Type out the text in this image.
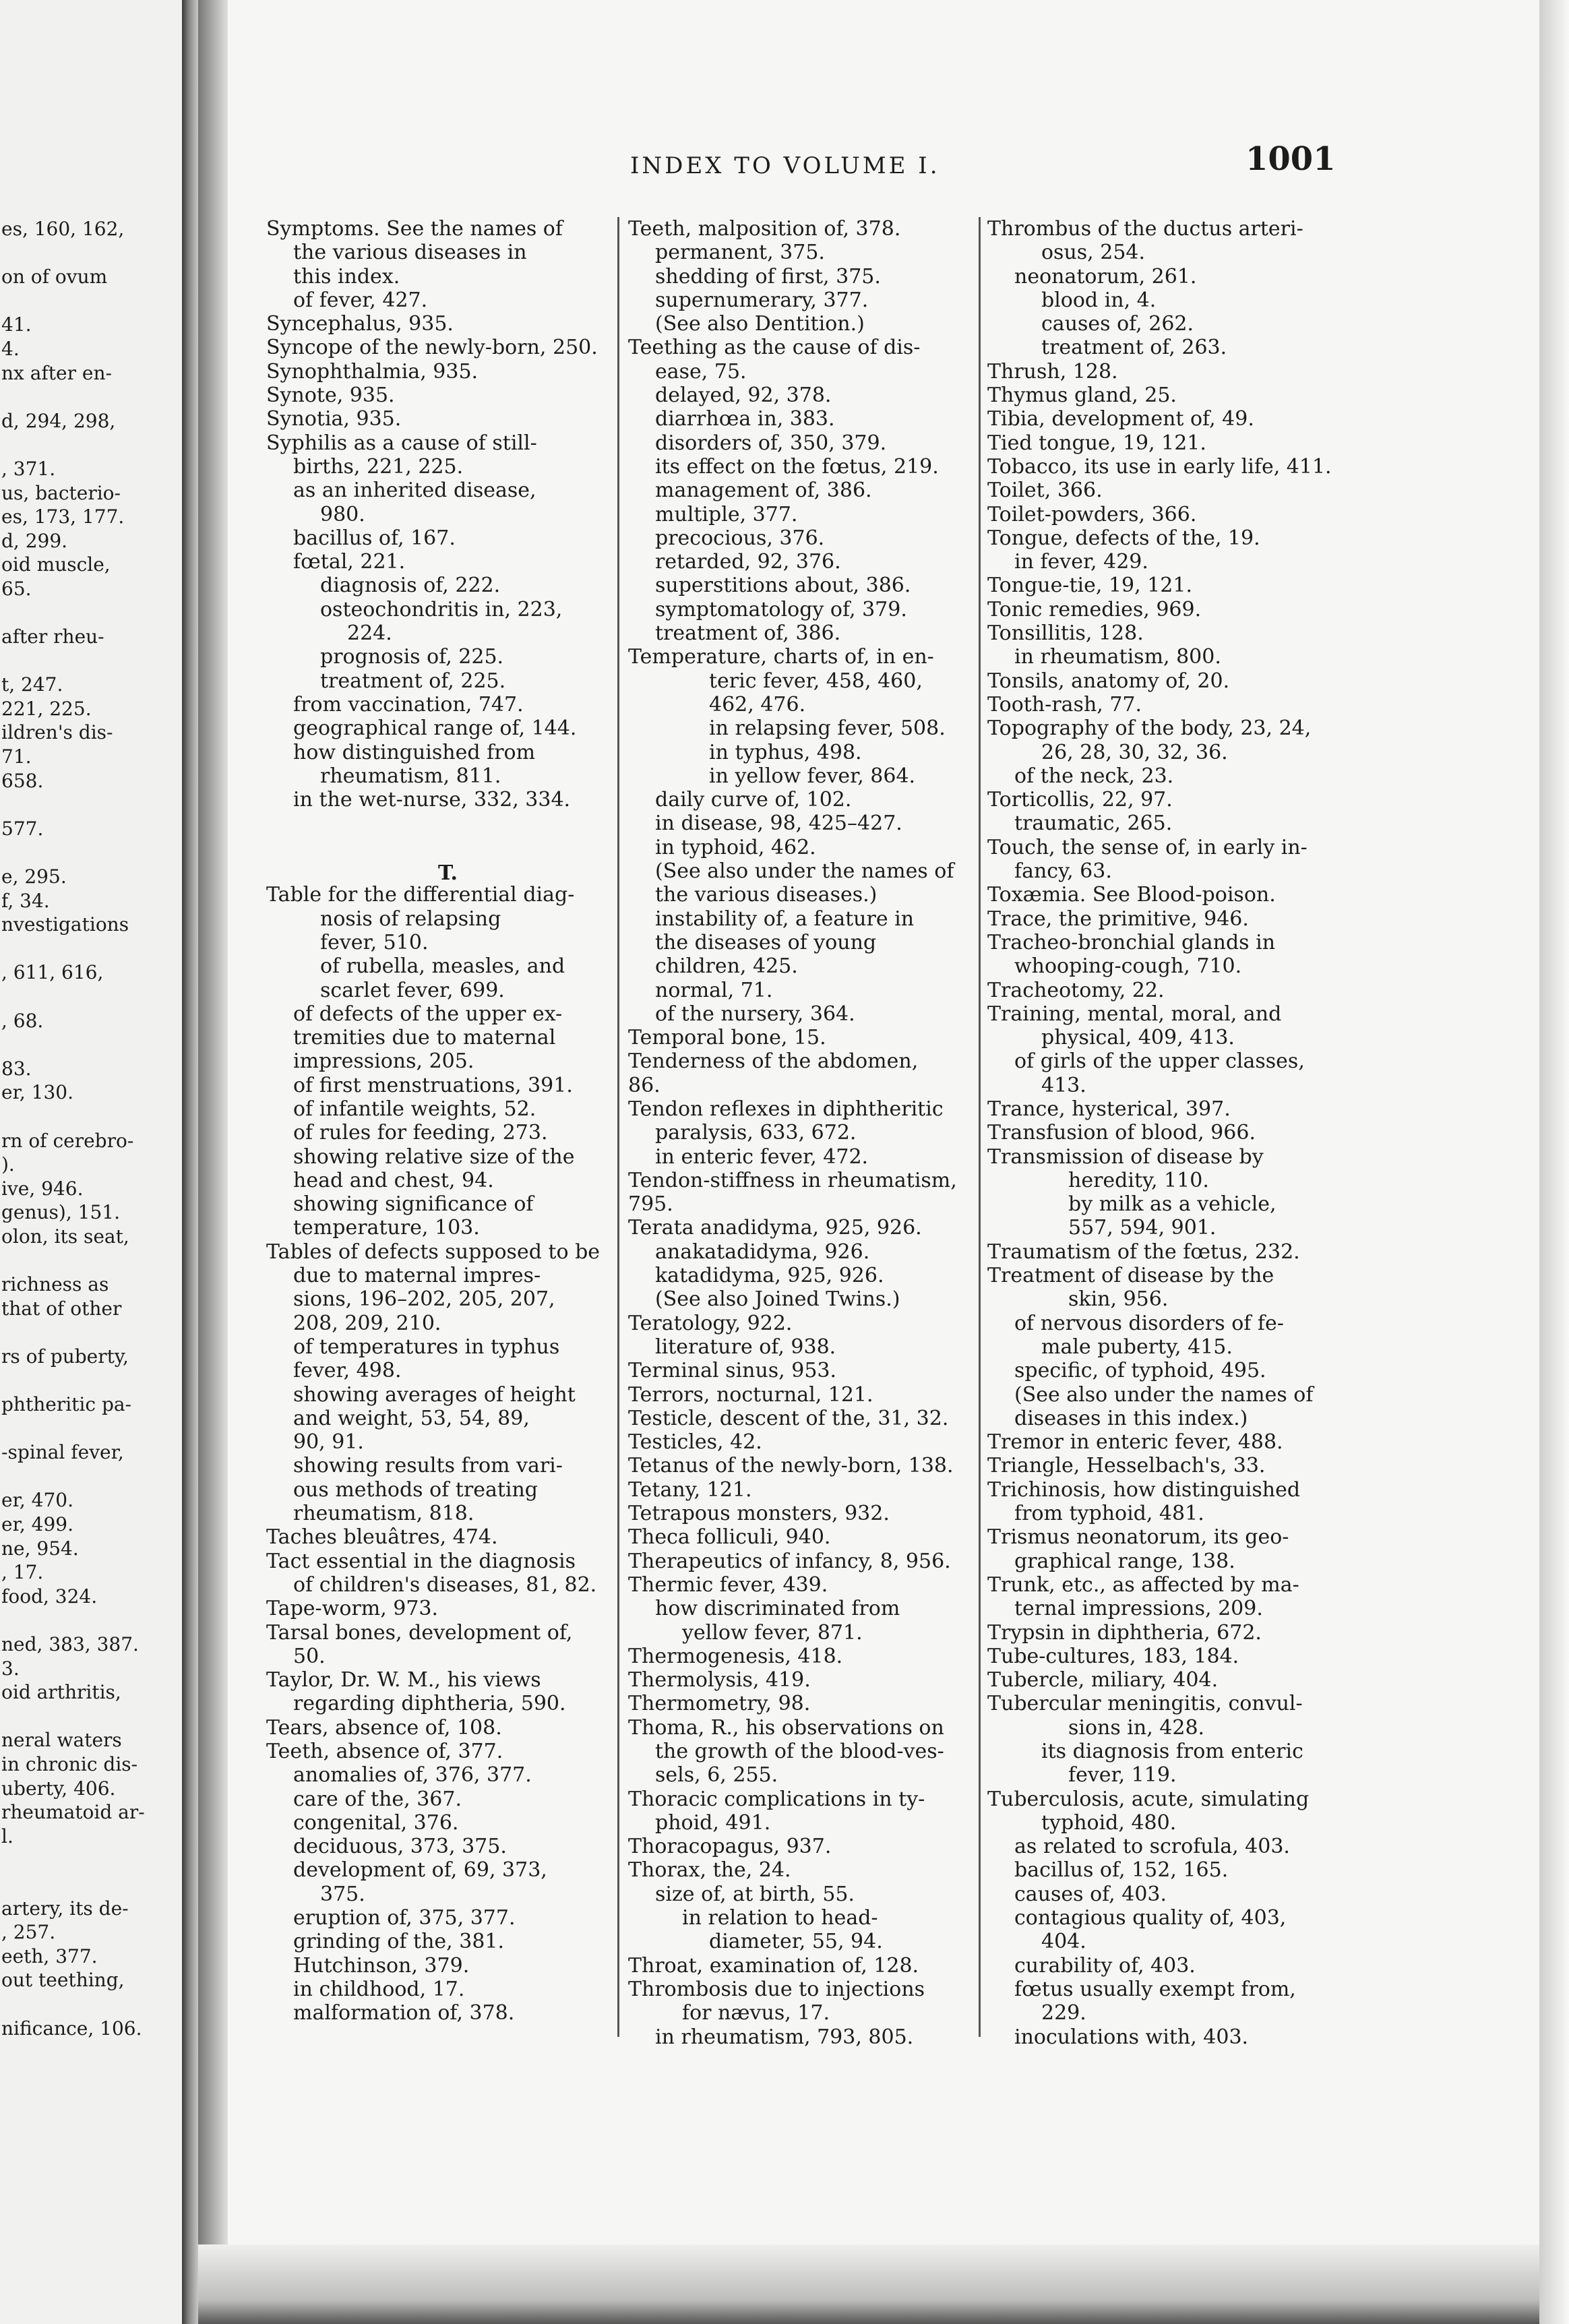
es, 160, 162,

on of ovum

41.
4.
nx after en-

d, 294, 298,

, 371.
us, bacterio-
es, 173, 177.
d, 299.
oid muscle,
65.

after rheu-

t, 247.
221, 225.
ildren's dis-
71.
658.

577.

e, 295.
f, 34.
nvestigations

, 611, 616,

, 68.

83.
er, 130.

rn of cerebro-
).
ive, 946.
genus), 151.
olon, its seat,

richness as
that of other

rs of puberty,

phtheritic pa-

-spinal fever,

er, 470.
er, 499.
ne, 954.
, 17.
food, 324.

ned, 383, 387.
3.
oid arthritis,

neral waters
in chronic dis-
uberty, 406.
rheumatoid ar-
l.

artery, its de-
, 257.
eeth, 377.
out teething,

nificance, 106.
INDEX TO VOLUME I.	1001
Symptoms. See the names of
the various diseases in
this index.
of fever, 427.
Syncephalus, 935.
Syncope of the newly-born, 250.
Synophthalmia, 935.
Synote, 935.
Synotia, 935.
Syphilis as a cause of still-
births, 221, 225.
as an inherited disease,
980.
bacillus of, 167.
fœtal, 221.
diagnosis of, 222.
osteochondritis in, 223,
224.
prognosis of, 225.
treatment of, 225.
from vaccination, 747.
geographical range of, 144.
how distinguished from
rheumatism, 811.
in the wet-nurse, 332, 334.

Table for the differential diag-
nosis of relapsing
fever, 510.
of rubella, measles, and
scarlet fever, 699.
of defects of the upper ex-
tremities due to maternal
impressions, 205.
of first menstruations, 391.
of infantile weights, 52.
of rules for feeding, 273.
showing relative size of the
head and chest, 94.
showing significance of
temperature, 103.
Tables of defects supposed to be
due to maternal impres-
sions, 196–202, 205, 207,
208, 209, 210.
of temperatures in typhus
fever, 498.
showing averages of height
and weight, 53, 54, 89,
90, 91.
showing results from vari-
ous methods of treating
rheumatism, 818.
Taches bleuâtres, 474.
Tact essential in the diagnosis
of children's diseases, 81, 82.
Tape-worm, 973.
Tarsal bones, development of,
50.
Taylor, Dr. W. M., his views
regarding diphtheria, 590.
Tears, absence of, 108.
Teeth, absence of, 377.
anomalies of, 376, 377.
care of the, 367.
congenital, 376.
deciduous, 373, 375.
development of, 69, 373,
375.
eruption of, 375, 377.
grinding of the, 381.
Hutchinson, 379.
in childhood, 17.
malformation of, 378.
Teeth, malposition of, 378.
permanent, 375.
shedding of first, 375.
supernumerary, 377.
(See also Dentition.)
Teething as the cause of dis-
ease, 75.
delayed, 92, 378.
diarrhœa in, 383.
disorders of, 350, 379.
its effect on the fœtus, 219.
management of, 386.
multiple, 377.
precocious, 376.
retarded, 92, 376.
superstitions about, 386.
symptomatology of, 379.
treatment of, 386.
Temperature, charts of, in en-
teric fever, 458, 460,
462, 476.
in relapsing fever, 508.
in typhus, 498.
in yellow fever, 864.
daily curve of, 102.
in disease, 98, 425–427.
in typhoid, 462.
(See also under the names of
the various diseases.)
instability of, a feature in
the diseases of young
children, 425.
normal, 71.
of the nursery, 364.
Temporal bone, 15.
Tenderness of the abdomen,
86.
Tendon reflexes in diphtheritic
paralysis, 633, 672.
in enteric fever, 472.
Tendon-stiffness in rheumatism,
795.
Terata anadidyma, 925, 926.
anakatadidyma, 926.
katadidyma, 925, 926.
(See also Joined Twins.)
Teratology, 922.
literature of, 938.
Terminal sinus, 953.
Terrors, nocturnal, 121.
Testicle, descent of the, 31, 32.
Testicles, 42.
Tetanus of the newly-born, 138.
Tetany, 121.
Tetrapous monsters, 932.
Theca folliculi, 940.
Therapeutics of infancy, 8, 956.
Thermic fever, 439.
how discriminated from
yellow fever, 871.
Thermogenesis, 418.
Thermolysis, 419.
Thermometry, 98.
Thoma, R., his observations on
the growth of the blood-ves-
sels, 6, 255.
Thoracic complications in ty-
phoid, 491.
Thoracopagus, 937.
Thorax, the, 24.
size of, at birth, 55.
in relation to head-
diameter, 55, 94.
Throat, examination of, 128.
Thrombosis due to injections
for nævus, 17.
in rheumatism, 793, 805.
Thrombus of the ductus arteri-
osus, 254.
neonatorum, 261.
blood in, 4.
causes of, 262.
treatment of, 263.
Thrush, 128.
Thymus gland, 25.
Tibia, development of, 49.
Tied tongue, 19, 121.
Tobacco, its use in early life, 411.
Toilet, 366.
Toilet-powders, 366.
Tongue, defects of the, 19.
in fever, 429.
Tongue-tie, 19, 121.
Tonic remedies, 969.
Tonsillitis, 128.
in rheumatism, 800.
Tonsils, anatomy of, 20.
Tooth-rash, 77.
Topography of the body, 23, 24,
26, 28, 30, 32, 36.
of the neck, 23.
Torticollis, 22, 97.
traumatic, 265.
Touch, the sense of, in early in-
fancy, 63.
Toxæmia. See Blood-poison.
Trace, the primitive, 946.
Tracheo-bronchial glands in
whooping-cough, 710.
Tracheotomy, 22.
Training, mental, moral, and
physical, 409, 413.
of girls of the upper classes,
413.
Trance, hysterical, 397.
Transfusion of blood, 966.
Transmission of disease by
heredity, 110.
by milk as a vehicle,
557, 594, 901.
Traumatism of the fœtus, 232.
Treatment of disease by the
skin, 956.
of nervous disorders of fe-
male puberty, 415.
specific, of typhoid, 495.
(See also under the names of
diseases in this index.)
Tremor in enteric fever, 488.
Triangle, Hesselbach's, 33.
Trichinosis, how distinguished
from typhoid, 481.
Trismus neonatorum, its geo-
graphical range, 138.
Trunk, etc., as affected by ma-
ternal impressions, 209.
Trypsin in diphtheria, 672.
Tube-cultures, 183, 184.
Tubercle, miliary, 404.
Tubercular meningitis, convul-
sions in, 428.
its diagnosis from enteric
fever, 119.
Tuberculosis, acute, simulating
typhoid, 480.
as related to scrofula, 403.
bacillus of, 152, 165.
causes of, 403.
contagious quality of, 403,
404.
curability of, 403.
fœtus usually exempt from,
229.
inoculations with, 403.
T.
